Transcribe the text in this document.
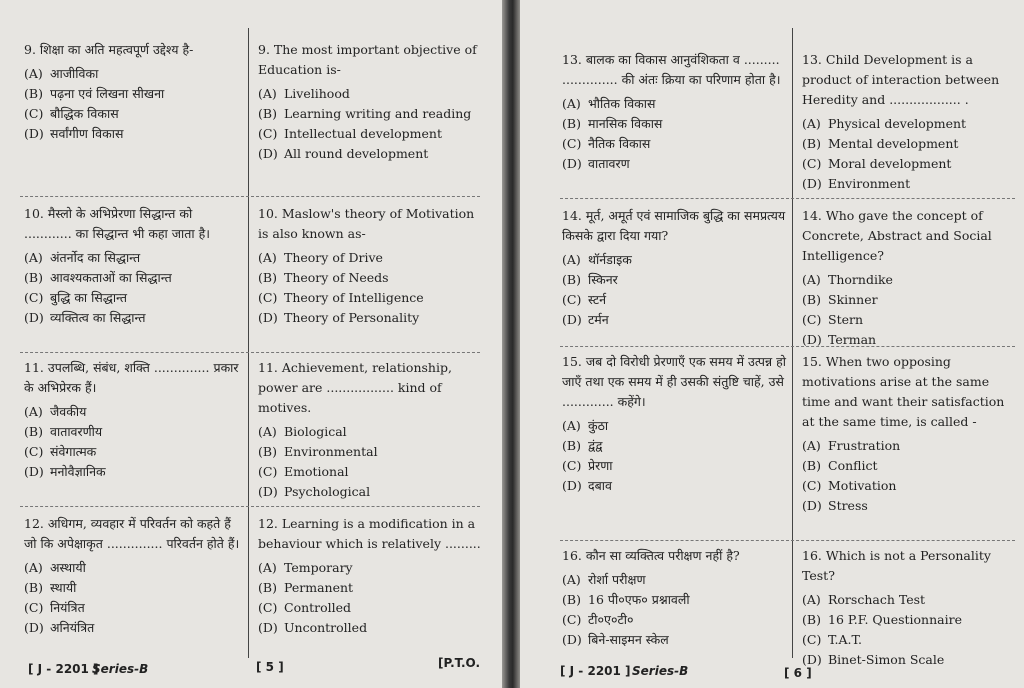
9. शिक्षा का अति महत्वपूर्ण उद्देश्य है-
(A) आजीविका
(B) पढ़ना एवं लिखना सीखना
(C) बौद्धिक विकास
(D) सर्वांगीण विकास
9. The most important objective of Education is-
(A) Livelihood
(B) Learning writing and reading
(C) Intellectual development
(D) All round development
10. मैस्लो के अभिप्रेरणा सिद्धान्त को ............ का सिद्धान्त भी कहा जाता है।
(A) अंतर्नोद का सिद्धान्त
(B) आवश्यकताओं का सिद्धान्त
(C) बुद्धि का सिद्धान्त
(D) व्यक्तित्व का सिद्धान्त
10. Maslow's theory of Motivation is also known as-
(A) Theory of Drive
(B) Theory of Needs
(C) Theory of Intelligence
(D) Theory of Personality
11. उपलब्धि, संबंध, शक्ति .............. प्रकार के अभिप्रेरक हैं।
(A) जैवकीय
(B) वातावरणीय
(C) संवेगात्मक
(D) मनोवैज्ञानिक
11. Achievement, relationship, power are ................. kind of motives.
(A) Biological
(B) Environmental
(C) Emotional
(D) Psychological
12. अधिगम, व्यवहार में परिवर्तन को कहते हैं जो कि अपेक्षाकृत .............. परिवर्तन होते हैं।
(A) अस्थायी
(B) स्थायी
(C) नियंत्रित
(D) अनियंत्रित
12. Learning is a modification in a behaviour which is relatively .........
(A) Temporary
(B) Permanent
(C) Controlled
(D) Uncontrolled
[ J - 2201 ]
Series-B	[ 5 ]	[P.T.O.
13. बालक का विकास आनुवंशिकता व ......... .............. की अंतः क्रिया का परिणाम होता है।
(A) भौतिक विकास
(B) मानसिक विकास
(C) नैतिक विकास
(D) वातावरण
13. Child Development is a product of interaction between Heredity and .................. .
(A) Physical development
(B) Mental development
(C) Moral development
(D) Environment
14. मूर्त, अमूर्त एवं सामाजिक बुद्धि का समप्रत्यय किसके द्वारा दिया गया?
(A) थॉर्नडाइक
(B) स्किनर
(C) स्टर्न
(D) टर्मन
14. Who gave the concept of Concrete, Abstract and Social Intelligence?
(A) Thorndike
(B) Skinner
(C) Stern
(D) Terman
15. जब दो विरोधी प्रेरणाएँ एक समय में उत्पन्न हो जाएँ तथा एक समय में ही उसकी संतुष्टि चाहें, उसे ............. कहेंगे।
(A) कुंठा
(B) द्वंद्व
(C) प्रेरणा
(D) दबाव
15. When two opposing motivations arise at the same time and want their satisfaction at the same time, is called -
(A) Frustration
(B) Conflict
(C) Motivation
(D) Stress
16. कौन सा व्यक्तित्व परीक्षण नहीं है?
(A) रोर्शा परीक्षण
(B) 16 पी०एफ० प्रश्नावली
(C) टी०ए०टी०
(D) बिने-साइमन स्केल
16. Which is not a Personality Test?
(A) Rorschach Test
(B) 16 P.F. Questionnaire
(C) T.A.T.
(D) Binet-Simon Scale
[ J - 2201 ] Series-B	[ 6 ]
